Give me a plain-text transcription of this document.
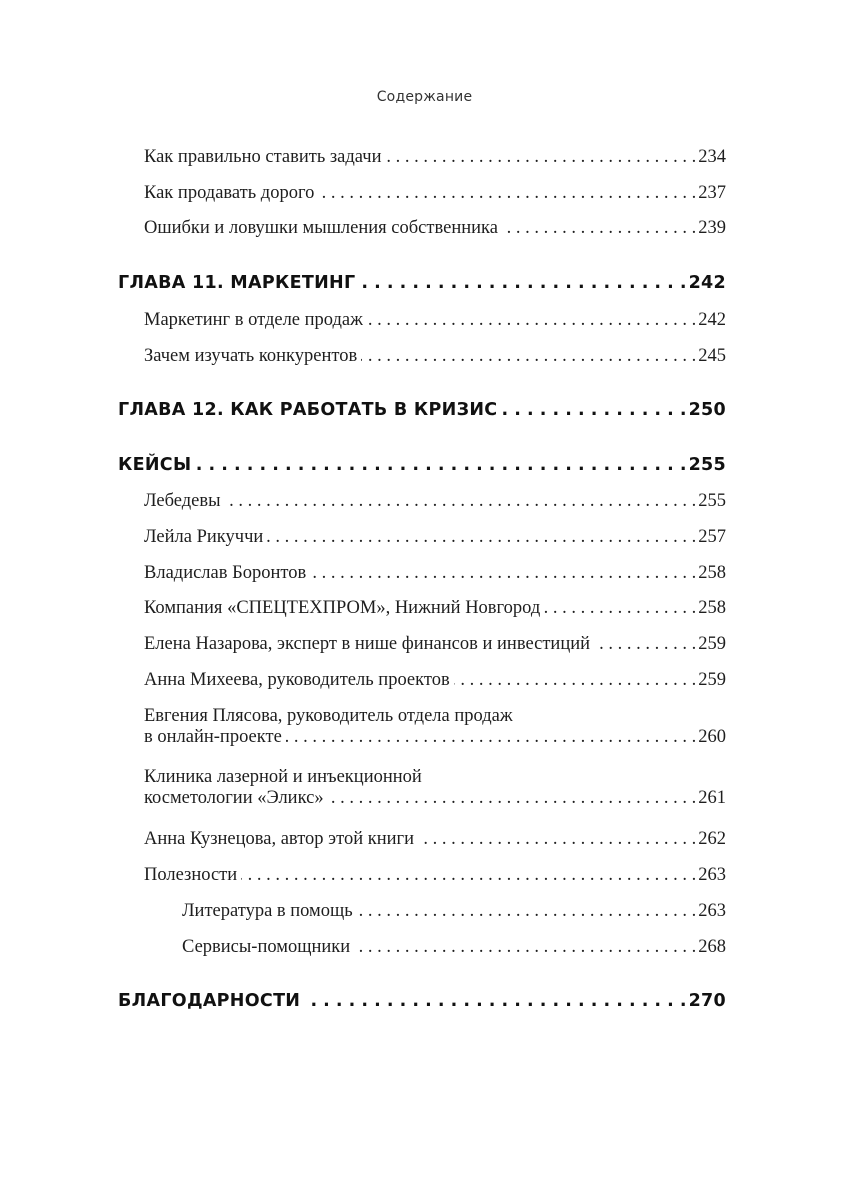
Содержание
Как правильно ставить задачи . . .	234
Как продавать дорого . . .	237
Ошибки и ловушки мышления собственника . . .	239
ГЛАВА 11. МАРКЕТИНГ . . .	242
Маркетинг в отделе продаж . . .	242
Зачем изучать конкурентов . . .	245
ГЛАВА 12. КАК РАБОТАТЬ В КРИЗИС . . .	250
КЕЙСЫ . . .	255
Лебедевы . . .	255
Лейла Рикуччи . . .	257
Владислав Боронтов . . .	258
Компания «СПЕЦТЕХПРОМ», Нижний Новгород . . .	258
Елена Назарова, эксперт в нише финансов и инвестиций . . .	259
Анна Михеева, руководитель проектов . . .	259
Евгения Плясова, руководитель отдела продаж
в онлайн-проекте . . .	260
Клиника лазерной и инъекционной
косметологии «Эликс» . . .	261
Анна Кузнецова, автор этой книги . . .	262
Полезности . . .	263
Литература в помощь . . .	263
Сервисы-помощники . . .	268
БЛАГОДАРНОСТИ . . .	270
